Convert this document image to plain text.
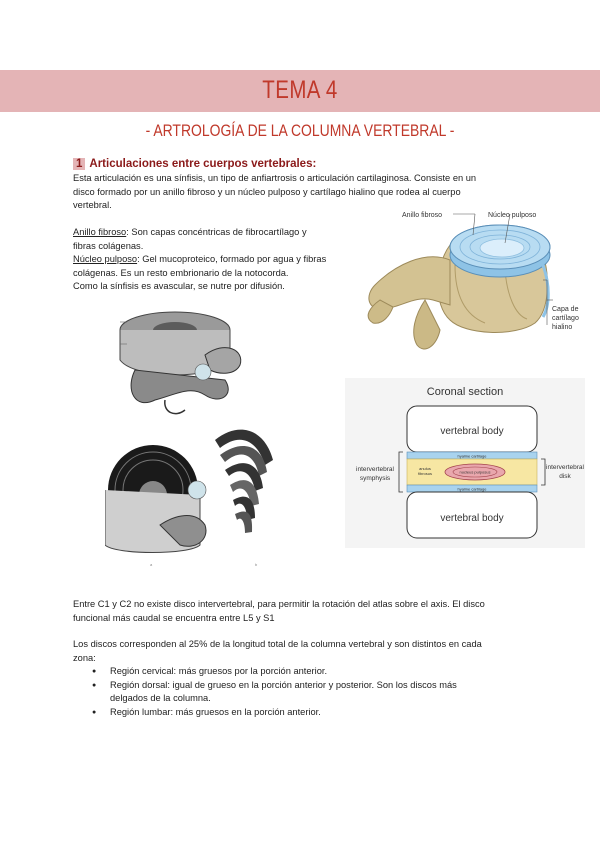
TEMA 4
- ARTROLOGÍA DE LA COLUMNA VERTEBRAL -
1 Articulaciones entre cuerpos vertebrales:
Esta articulación es una sínfisis, un tipo de anfiartrosis o articulación cartilaginosa. Consiste en un
disco formado por un anillo fibroso y un núcleo pulposo y cartílago hialino que rodea al cuerpo
vertebral.
Anillo fibroso: Son capas concéntricas de fibrocartílago y
fibras colágenas.
Núcleo pulposo: Gel mucoproteico, formado por agua y fibras
colágenas. Es un resto embrionario de la notocorda.
Como la sínfisis es avascular, se nutre por difusión.
Anillo fibroso	Núcleo pulposo
Capa de
cartílago
hialino
a	b
Coronal section
vertebral body
hyaline cartilage
nucleus pulposus
anulus
fibrosus
hyaline cartilage
vertebral body
intervertebral
symphysis
intervertebral
disk
Entre C1 y C2 no existe disco intervertebral, para permitir la rotación del atlas sobre el axis. El disco
funcional más caudal se encuentra entre L5 y S1
Los discos corresponden al 25% de la longitud total de la columna vertebral y son distintos en cada
zona:
● Región cervical: más gruesos por la porción anterior.
● Región dorsal: igual de grueso en la porción anterior y posterior. Son los discos más delgados de la columna.
● Región lumbar: más gruesos en la porción anterior.
